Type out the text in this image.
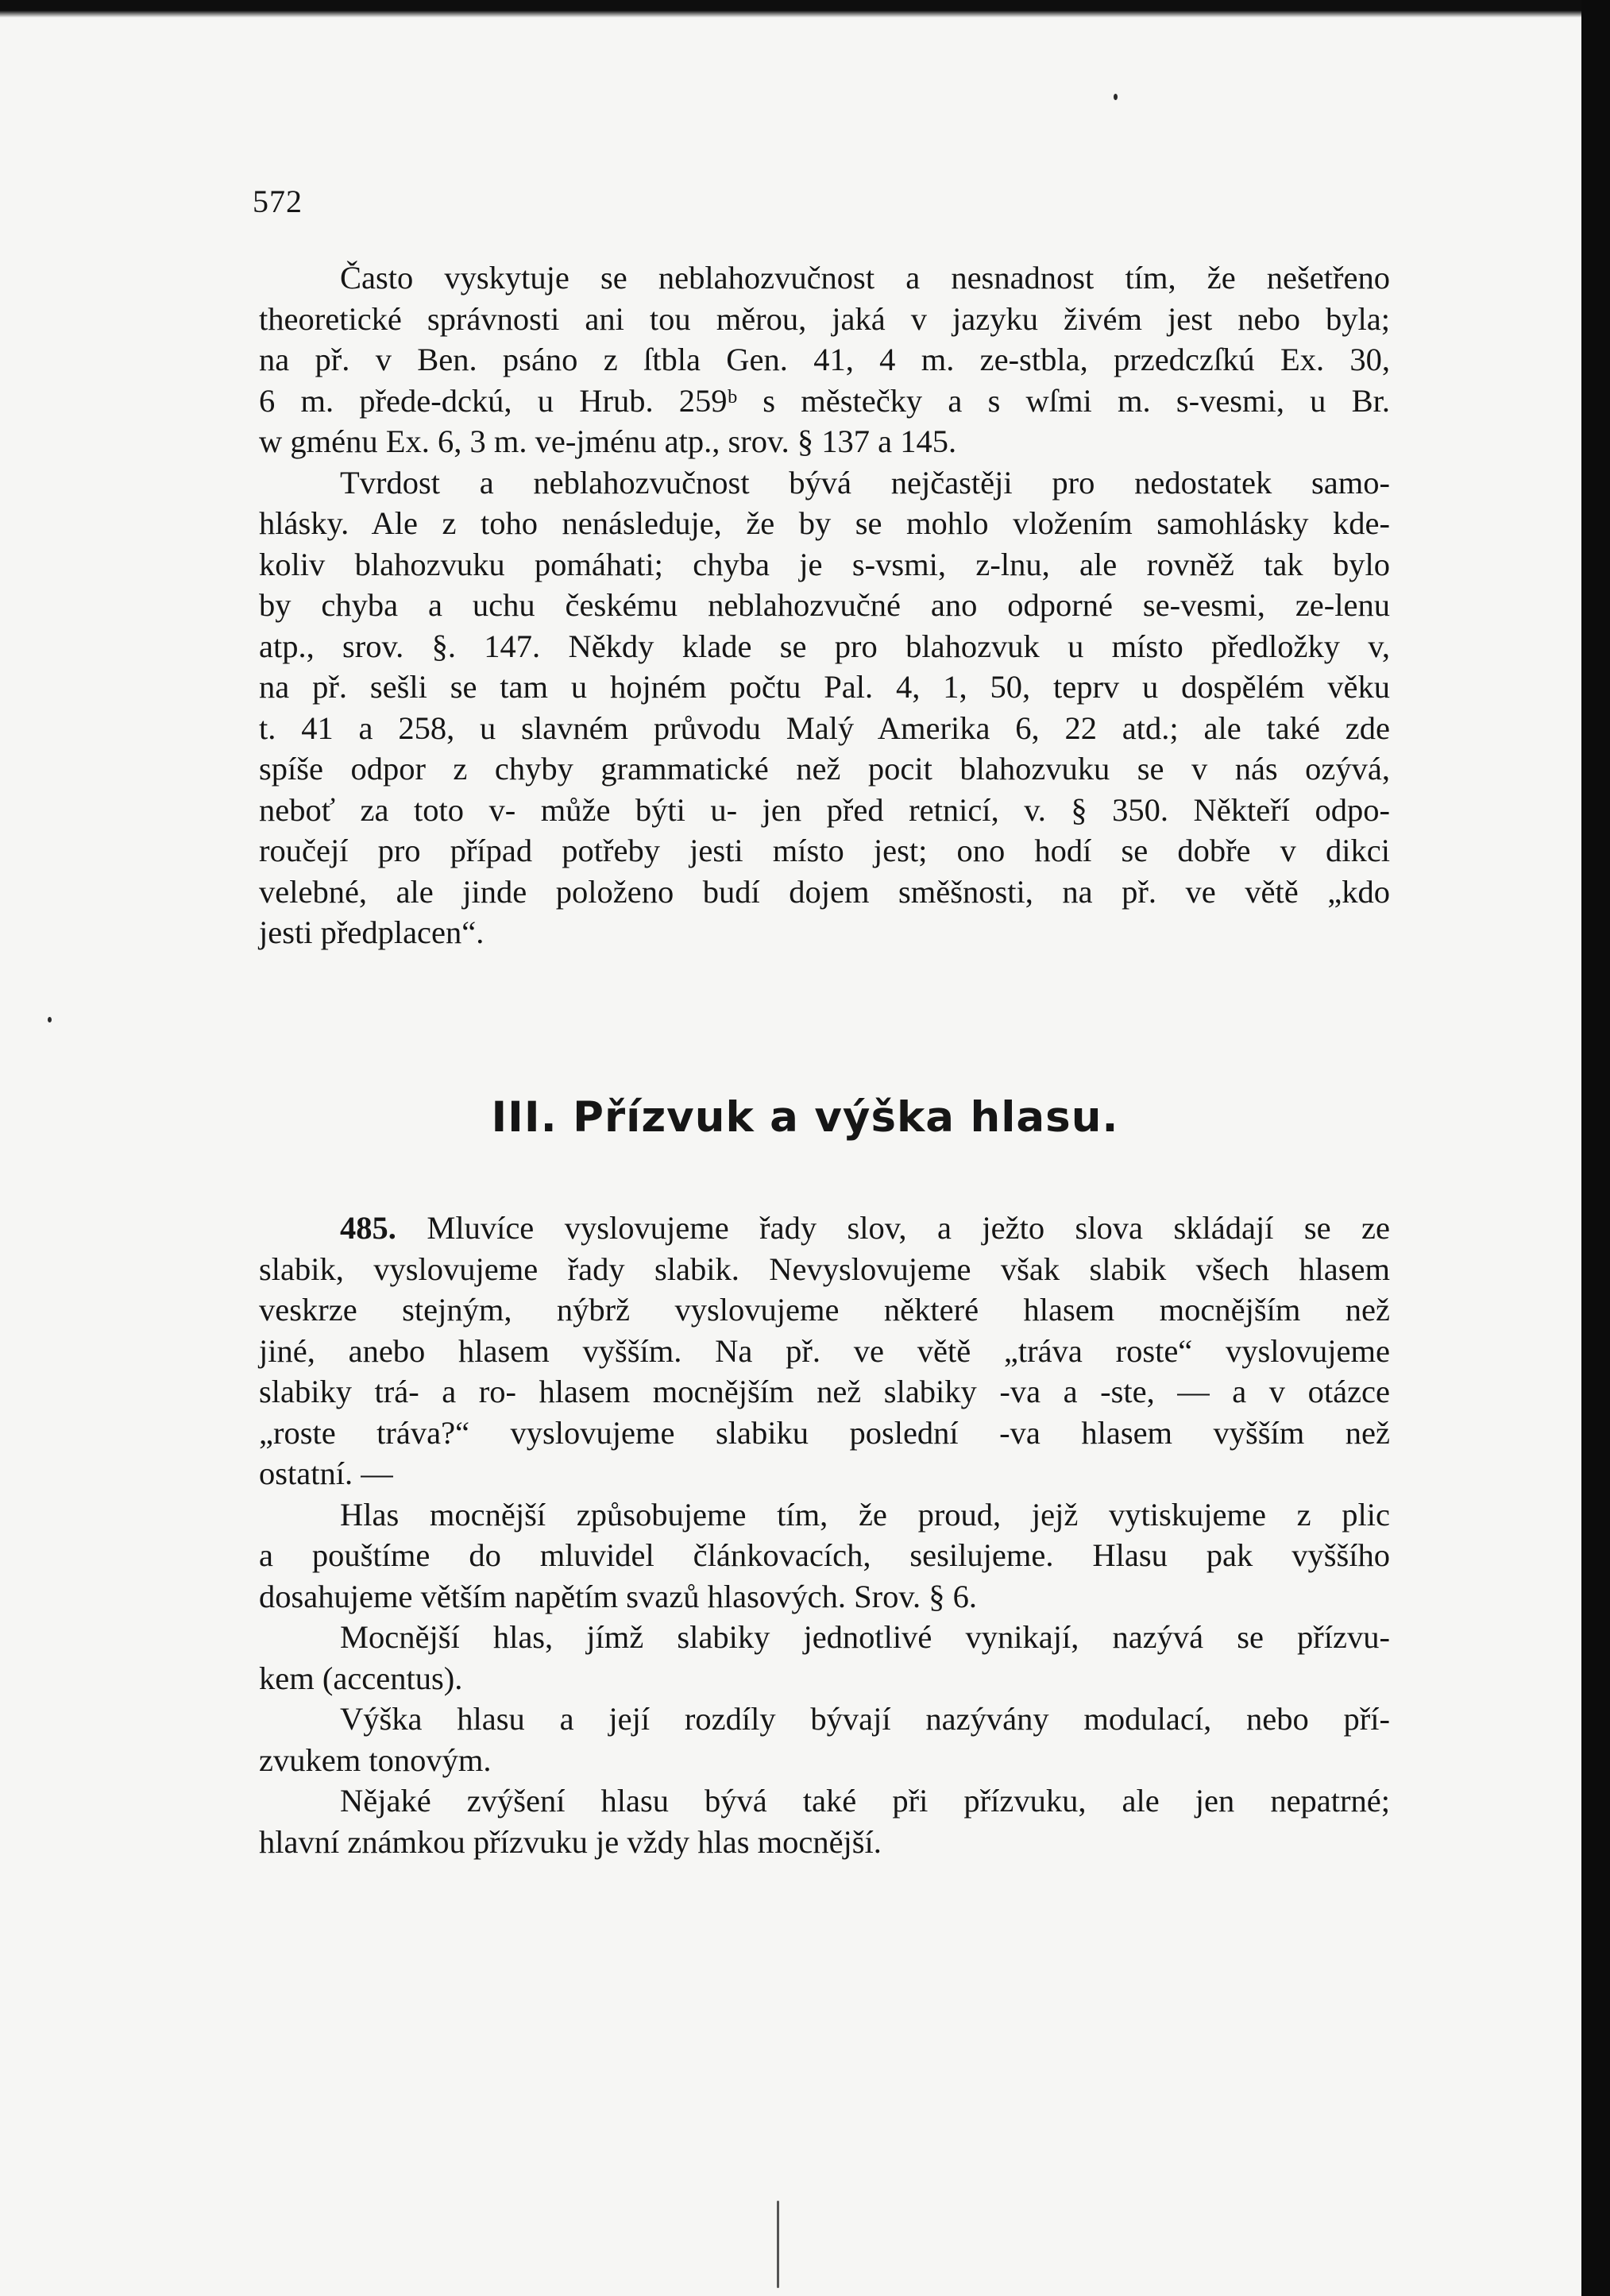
572
Často vyskytuje se neblahozvučnost a nesnadnost tím, že nešetřeno
theoretické správnosti ani tou měrou, jaká v jazyku živém jest nebo byla;
na př. v Ben. psáno z ſtbla Gen. 41, 4 m. ze-stbla, przedczſkú Ex. 30,
6 m. přede-dckú, u Hrub. 259ᵇ s městečky a s wſmi m. s-vesmi, u Br.
w gménu Ex. 6, 3 m. ve-jménu atp., srov. § 137 a 145.
Tvrdost a neblahozvučnost bývá nejčastěji pro nedostatek samo-
hlásky. Ale z toho nenásleduje, že by se mohlo vložením samohlásky kde-
koliv blahozvuku pomáhati; chyba je s-vsmi, z-lnu, ale rovněž tak bylo
by chyba a uchu českému neblahozvučné ano odporné se-vesmi, ze-lenu
atp., srov. §. 147. Někdy klade se pro blahozvuk u místo předložky v,
na př. sešli se tam u hojném počtu Pal. 4, 1, 50, teprv u dospělém věku
t. 41 a 258, u slavném průvodu Malý Amerika 6, 22 atd.; ale také zde
spíše odpor z chyby grammatické než pocit blahozvuku se v nás ozývá,
neboť za toto v- může býti u- jen před retnicí, v. § 350. Někteří odpo-
roučejí pro případ potřeby jesti místo jest; ono hodí se dobře v dikci
velebné, ale jinde položeno budí dojem směšnosti, na př. ve větě „kdo
jesti předplacen“.
III. Přízvuk a výška hlasu.
485. Mluvíce vyslovujeme řady slov, a ježto slova skládají se ze
slabik, vyslovujeme řady slabik. Nevyslovujeme však slabik všech hlasem
veskrze stejným, nýbrž vyslovujeme některé hlasem mocnějším než
jiné, anebo hlasem vyšším. Na př. ve větě „tráva roste“ vyslovujeme
slabiky trá- a ro- hlasem mocnějším než slabiky -va a -ste, — a v otázce
„roste tráva?“ vyslovujeme slabiku poslední -va hlasem vyšším než
ostatní. —
Hlas mocnější způsobujeme tím, že proud, jejž vytiskujeme z plic
a pouštíme do mluvidel článkovacích, sesilujeme. Hlasu pak vyššího
dosahujeme větším napětím svazů hlasových. Srov. § 6.
Mocnější hlas, jímž slabiky jednotlivé vynikají, nazývá se přízvu-
kem (accentus).
Výška hlasu a její rozdíly bývají nazývány modulací, nebo pří-
zvukem tonovým.
Nějaké zvýšení hlasu bývá také při přízvuku, ale jen nepatrné;
hlavní známkou přízvuku je vždy hlas mocnější.
